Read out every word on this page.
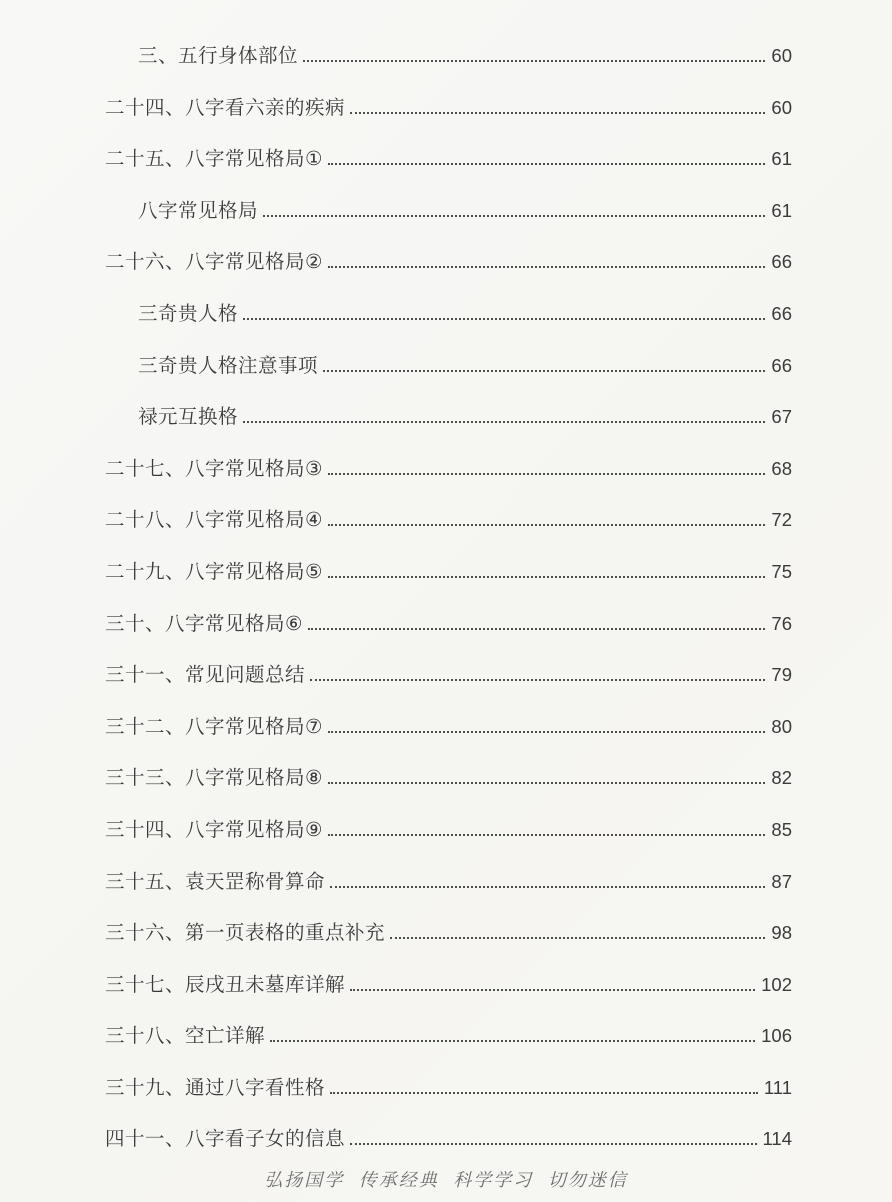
三、五行身体部位	60
二十四、八字看六亲的疾病	60
二十五、八字常见格局①	61
八字常见格局	61
二十六、八字常见格局②	66
三奇贵人格	66
三奇贵人格注意事项	66
禄元互换格	67
二十七、八字常见格局③	68
二十八、八字常见格局④	72
二十九、八字常见格局⑤	75
三十、八字常见格局⑥	76
三十一、常见问题总结	79
三十二、八字常见格局⑦	80
三十三、八字常见格局⑧	82
三十四、八字常见格局⑨	85
三十五、袁天罡称骨算命	87
三十六、第一页表格的重点补充	98
三十七、辰戌丑未墓库详解	102
三十八、空亡详解	106
三十九、通过八字看性格	111
四十一、八字看子女的信息	114
弘扬国学 传承经典 科学学习 切勿迷信
